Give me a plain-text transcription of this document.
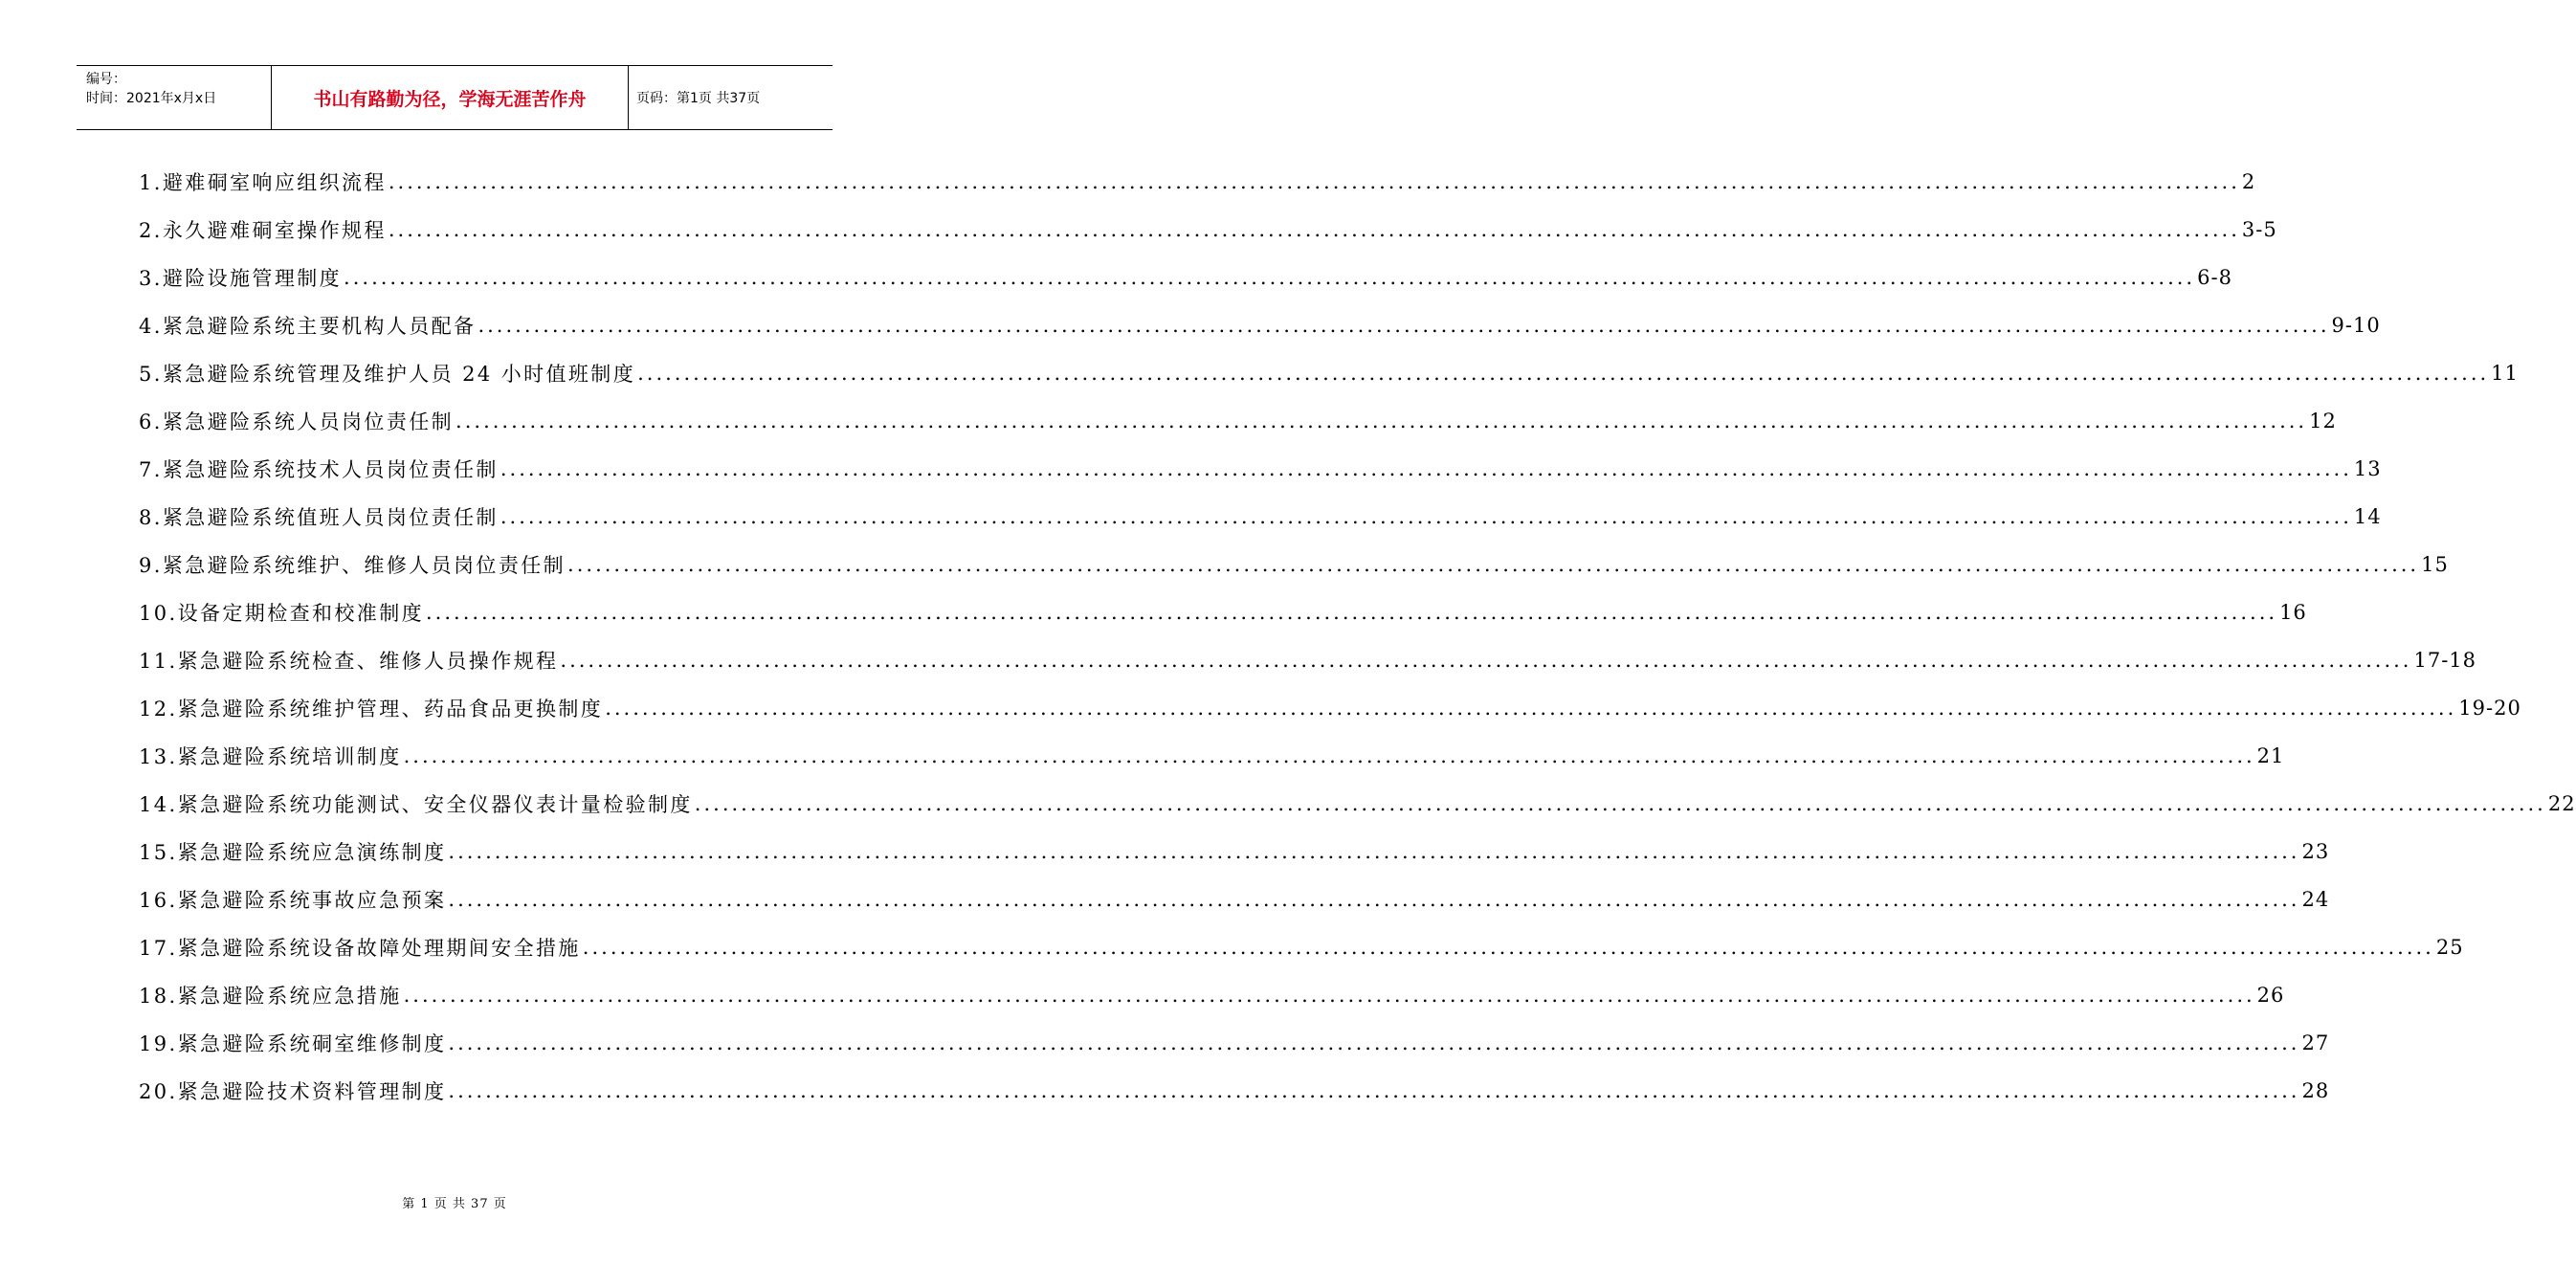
编号：
时间：2021年x月x日	书山有路勤为径，学海无涯苦作舟	页码：第1页 共37页
1.避难硐室响应组织流程 ........................................................................................................................................................................................................ 2
2.永久避难硐室操作规程 ........................................................................................................................................................................................................ 3-5
3.避险设施管理制度 ........................................................................................................................................................................................................ 6-8
4.紧急避险系统主要机构人员配备 ........................................................................................................................................................................................................ 9-10
5.紧急避险系统管理及维护人员 24 小时值班制度 ........................................................................................................................................................................................................ 11
6.紧急避险系统人员岗位责任制 ........................................................................................................................................................................................................ 12
7.紧急避险系统技术人员岗位责任制 ........................................................................................................................................................................................................ 13
8.紧急避险系统值班人员岗位责任制 ........................................................................................................................................................................................................ 14
9.紧急避险系统维护、维修人员岗位责任制 ........................................................................................................................................................................................................ 15
10.设备定期检查和校准制度 ........................................................................................................................................................................................................ 16
11.紧急避险系统检查、维修人员操作规程 ........................................................................................................................................................................................................ 17-18
12.紧急避险系统维护管理、药品食品更换制度 ........................................................................................................................................................................................................ 19-20
13.紧急避险系统培训制度 ........................................................................................................................................................................................................ 21
14.紧急避险系统功能测试、安全仪器仪表计量检验制度 ........................................................................................................................................................................................................ 22
15.紧急避险系统应急演练制度 ........................................................................................................................................................................................................ 23
16.紧急避险系统事故应急预案 ........................................................................................................................................................................................................ 24
17.紧急避险系统设备故障处理期间安全措施 ........................................................................................................................................................................................................ 25
18.紧急避险系统应急措施 ........................................................................................................................................................................................................ 26
19.紧急避险系统硐室维修制度 ........................................................................................................................................................................................................ 27
20.紧急避险技术资料管理制度 ........................................................................................................................................................................................................ 28
第 1 页 共 37 页
